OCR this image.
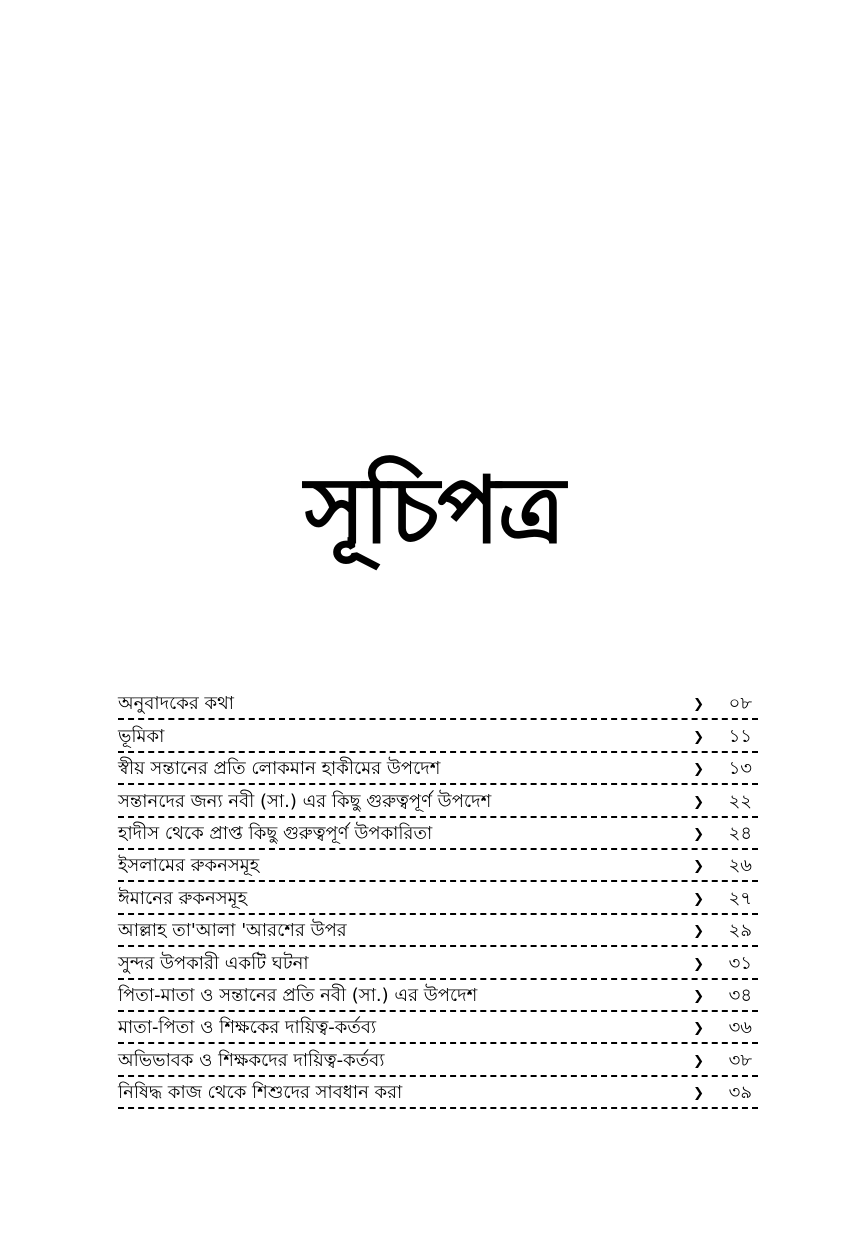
সূচিপত্র
অনুবাদকের কথা	❯ ০৮
ভূমিকা	❯ ১১
স্বীয় সন্তানের প্রতি লোকমান হাকীমের উপদেশ	❯ ১৩
সন্তানদের জন্য নবী (সা.) এর কিছু গুরুত্বপূর্ণ উপদেশ	❯ ২২
হাদীস থেকে প্রাপ্ত কিছু গুরুত্বপূর্ণ উপকারিতা	❯ ২৪
ইসলামের রুকনসমূহ	❯ ২৬
ঈমানের রুকনসমূহ	❯ ২৭
আল্লাহ তা'আলা 'আরশের উপর	❯ ২৯
সুন্দর উপকারী একটি ঘটনা	❯ ৩১
পিতা-মাতা ও সন্তানের প্রতি নবী (সা.) এর উপদেশ	❯ ৩৪
মাতা-পিতা ও শিক্ষকের দায়িত্ব-কর্তব্য	❯ ৩৬
অভিভাবক ও শিক্ষকদের দায়িত্ব-কর্তব্য	❯ ৩৮
নিষিদ্ধ কাজ থেকে শিশুদের সাবধান করা	❯ ৩৯
